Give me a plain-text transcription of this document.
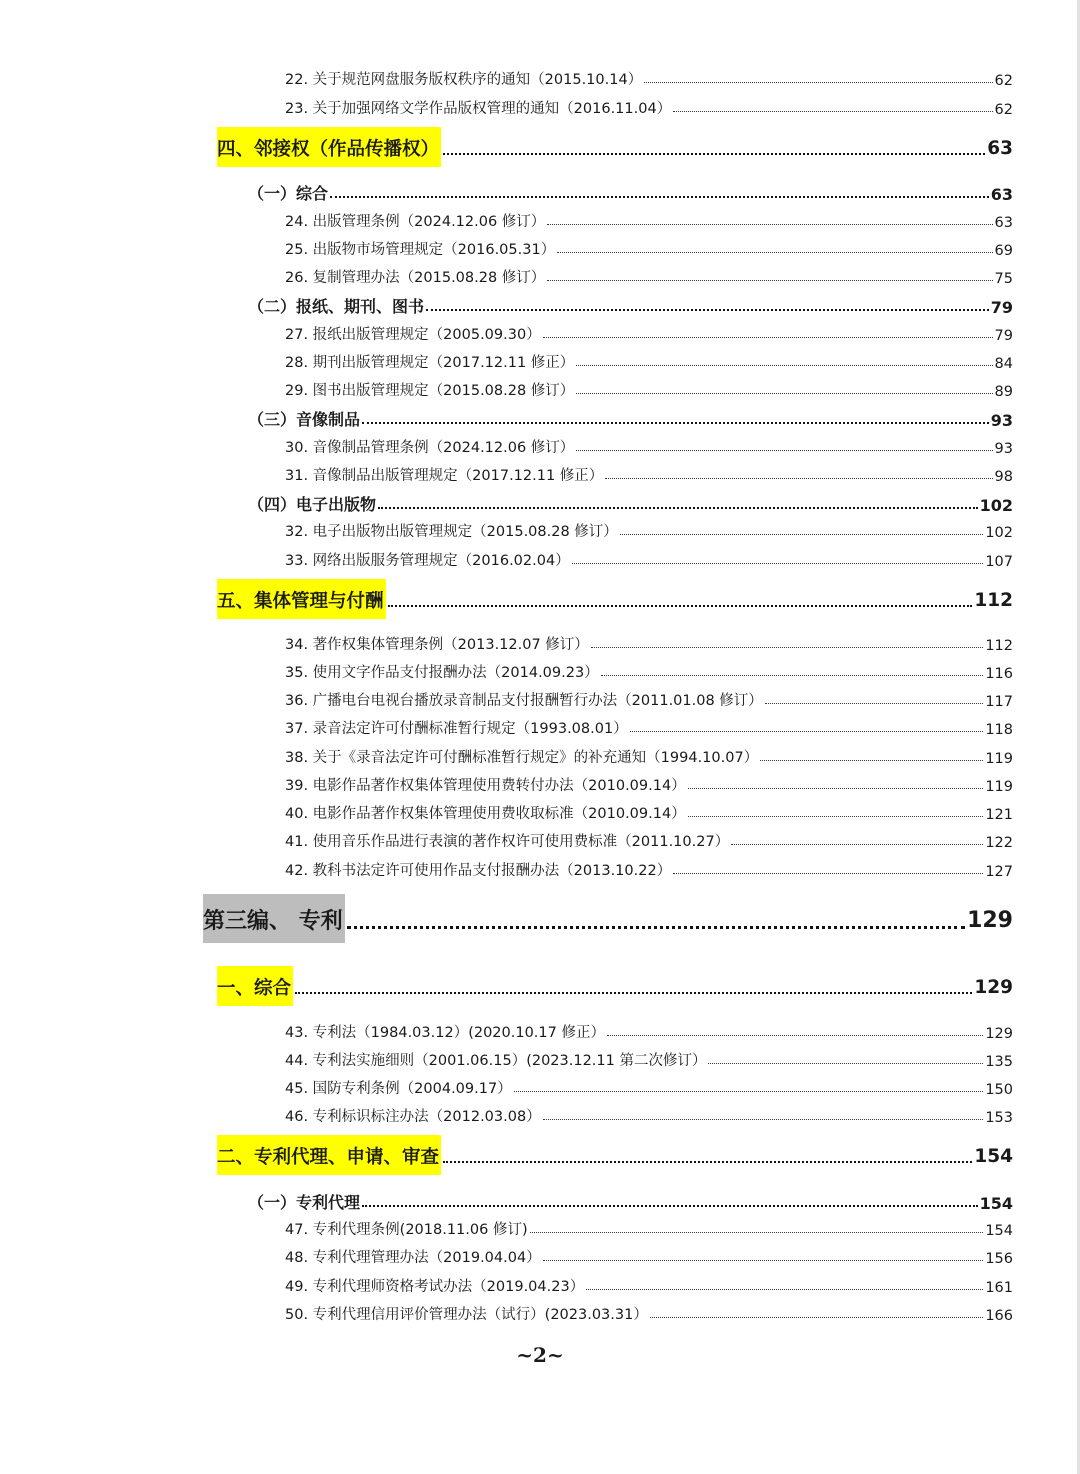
22. 关于规范网盘服务版权秩序的通知（2015.10.14）	62
23. 关于加强网络文学作品版权管理的通知（2016.11.04）	62
四、邻接权（作品传播权）	63
（一）综合	63
24. 出版管理条例（2024.12.06 修订）	63
25. 出版物市场管理规定（2016.05.31）	69
26. 复制管理办法（2015.08.28 修订）	75
（二）报纸、期刊、图书	79
27. 报纸出版管理规定（2005.09.30）	79
28. 期刊出版管理规定（2017.12.11 修正）	84
29. 图书出版管理规定（2015.08.28 修订）	89
（三）音像制品	93
30. 音像制品管理条例（2024.12.06 修订）	93
31. 音像制品出版管理规定（2017.12.11 修正）	98
（四）电子出版物	102
32. 电子出版物出版管理规定（2015.08.28 修订）	102
33. 网络出版服务管理规定（2016.02.04）	107
五、集体管理与付酬	112
34. 著作权集体管理条例（2013.12.07 修订）	112
35. 使用文字作品支付报酬办法（2014.09.23）	116
36. 广播电台电视台播放录音制品支付报酬暂行办法（2011.01.08 修订）	117
37. 录音法定许可付酬标准暂行规定（1993.08.01）	118
38. 关于《录音法定许可付酬标准暂行规定》的补充通知（1994.10.07）	119
39. 电影作品著作权集体管理使用费转付办法（2010.09.14）	119
40. 电影作品著作权集体管理使用费收取标准（2010.09.14）	121
41. 使用音乐作品进行表演的著作权许可使用费标准（2011.10.27）	122
42. 教科书法定许可使用作品支付报酬办法（2013.10.22）	127
第三编、 专利	129
一、综合	129
43. 专利法（1984.03.12）(2020.10.17 修正）	129
44. 专利法实施细则（2001.06.15）(2023.12.11 第二次修订）	135
45. 国防专利条例（2004.09.17）	150
46. 专利标识标注办法（2012.03.08）	153
二、专利代理、申请、审查	154
（一）专利代理	154
47. 专利代理条例(2018.11.06 修订)	154
48. 专利代理管理办法（2019.04.04）	156
49. 专利代理师资格考试办法（2019.04.23）	161
50. 专利代理信用评价管理办法（试行）(2023.03.31）	166
~2~
